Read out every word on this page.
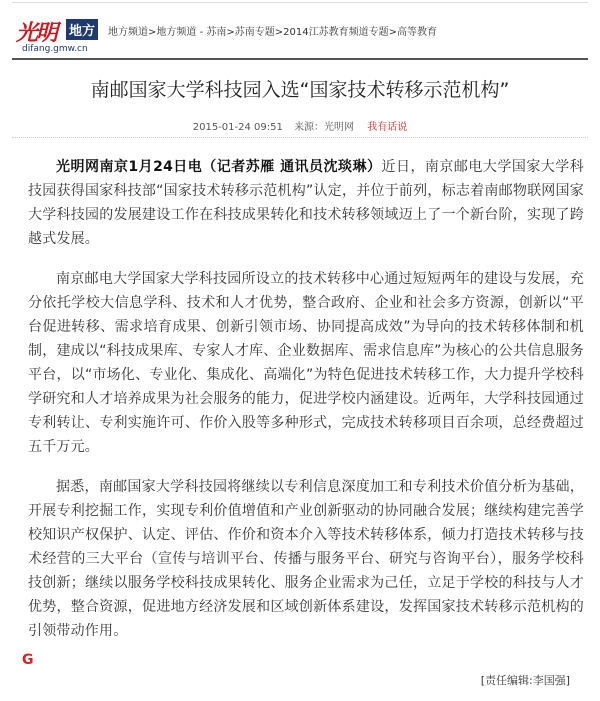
光明 地方
difang.gmw.cn
地方频道>地方频道 - 苏南>苏南专题>2014江苏教育频道专题>高等教育
南邮国家大学科技园入选“国家技术转移示范机构”
2015-01-24 09:51 来源：光明网 我有话说

光明网南京1月24日电（记者苏雁 通讯员沈琰琳）近日，南京邮电大学国家大学科技园获得国家科技部“国家技术转移示范机构”认定，并位于前列，标志着南邮物联网国家大学科技园的发展建设工作在科技成果转化和技术转移领域迈上了一个新台阶，实现了跨越式发展。

南京邮电大学国家大学科技园所设立的技术转移中心通过短短两年的建设与发展，充分依托学校大信息学科、技术和人才优势，整合政府、企业和社会多方资源，创新以“平台促进转移、需求培育成果、创新引领市场、协同提高成效”为导向的技术转移体制和机制，建成以“科技成果库、专家人才库、企业数据库、需求信息库”为核心的公共信息服务平台，以“市场化、专业化、集成化、高端化”为特色促进技术转移工作，大力提升学校科学研究和人才培养成果为社会服务的能力，促进学校内涵建设。近两年，大学科技园通过专利转让、专利实施许可、作价入股等多种形式，完成技术转移项目百余项，总经费超过五千万元。

据悉，南邮国家大学科技园将继续以专利信息深度加工和专利技术价值分析为基础，开展专利挖掘工作，实现专利价值增值和产业创新驱动的协同融合发展；继续构建完善学校知识产权保护、认定、评估、作价和资本介入等技术转移体系，倾力打造技术转移与技术经营的三大平台（宣传与培训平台、传播与服务平台、研究与咨询平台），服务学校科技创新；继续以服务学校科技成果转化、服务企业需求为己任，立足于学校的科技与人才优势，整合资源，促进地方经济发展和区域创新体系建设，发挥国家技术转移示范机构的引领带动作用。

G
[责任编辑:李国强]
